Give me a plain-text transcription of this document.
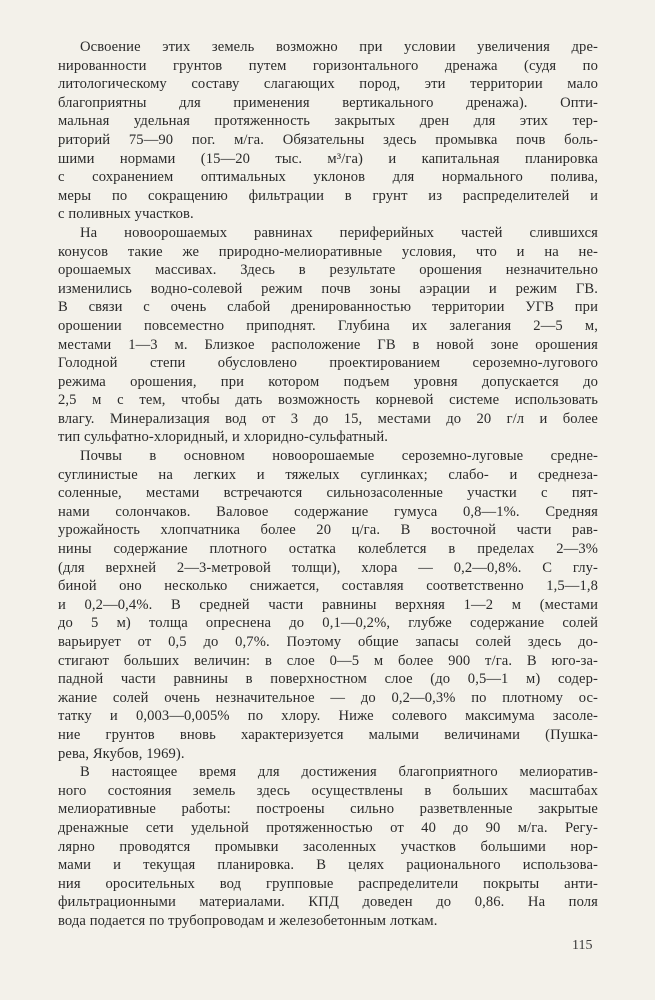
Освоение этих земель возможно при условии увеличения дре-
нированности грунтов путем горизонтального дренажа (судя по
литологическому составу слагающих пород, эти территории мало
благоприятны для применения вертикального дренажа). Опти-
мальная удельная протяженность закрытых дрен для этих тер-
риторий 75—90 пог. м/га. Обязательны здесь промывка почв боль-
шими нормами (15—20 тыс. м³/га) и капитальная планировка
с сохранением оптимальных уклонов для нормального полива,
меры по сокращению фильтрации в грунт из распределителей и
с поливных участков.

На новоорошаемых равнинах периферийных частей слившихся
конусов такие же природно-мелиоративные условия, что и на не-
орошаемых массивах. Здесь в результате орошения незначительно
изменились водно-солевой режим почв зоны аэрации и режим ГВ.
В связи с очень слабой дренированностью территории УГВ при
орошении повсеместно приподнят. Глубина их залегания 2—5 м,
местами 1—3 м. Близкое расположение ГВ в новой зоне орошения
Голодной степи обусловлено проектированием сероземно-лугового
режима орошения, при котором подъем уровня допускается до
2,5 м с тем, чтобы дать возможность корневой системе использовать
влагу. Минерализация вод от 3 до 15, местами до 20 г/л и более
тип сульфатно-хлоридный, и хлоридно-сульфатный.

Почвы в основном новоорошаемые сероземно-луговые средне-
суглинистые на легких и тяжелых суглинках; слабо- и среднеза-
соленные, местами встречаются сильнозасоленные участки с пят-
нами солончаков. Валовое содержание гумуса 0,8—1%. Средняя
урожайность хлопчатника более 20 ц/га. В восточной части рав-
нины содержание плотного остатка колеблется в пределах 2—3%
(для верхней 2—3-метровой толщи), хлора — 0,2—0,8%. С глу-
биной оно несколько снижается, составляя соответственно 1,5—1,8
и 0,2—0,4%. В средней части равнины верхняя 1—2 м (местами
до 5 м) толща опреснена до 0,1—0,2%, глубже содержание солей
варьирует от 0,5 до 0,7%. Поэтому общие запасы солей здесь до-
стигают больших величин: в слое 0—5 м более 900 т/га. В юго-за-
падной части равнины в поверхностном слое (до 0,5—1 м) содер-
жание солей очень незначительное — до 0,2—0,3% по плотному ос-
татку и 0,003—0,005% по хлору. Ниже солевого максимума засоле-
ние грунтов вновь характеризуется малыми величинами (Пушка-
рева, Якубов, 1969).

В настоящее время для достижения благоприятного мелиоратив-
ного состояния земель здесь осуществлены в больших масштабах
мелиоративные работы: построены сильно разветвленные закрытые
дренажные сети удельной протяженностью от 40 до 90 м/га. Регу-
лярно проводятся промывки засоленных участков большими нор-
мами и текущая планировка. В целях рационального использова-
ния оросительных вод групповые распределители покрыты анти-
фильтрационными материалами. КПД доведен до 0,86. На поля
вода подается по трубопроводам и железобетонным лоткам.

115
